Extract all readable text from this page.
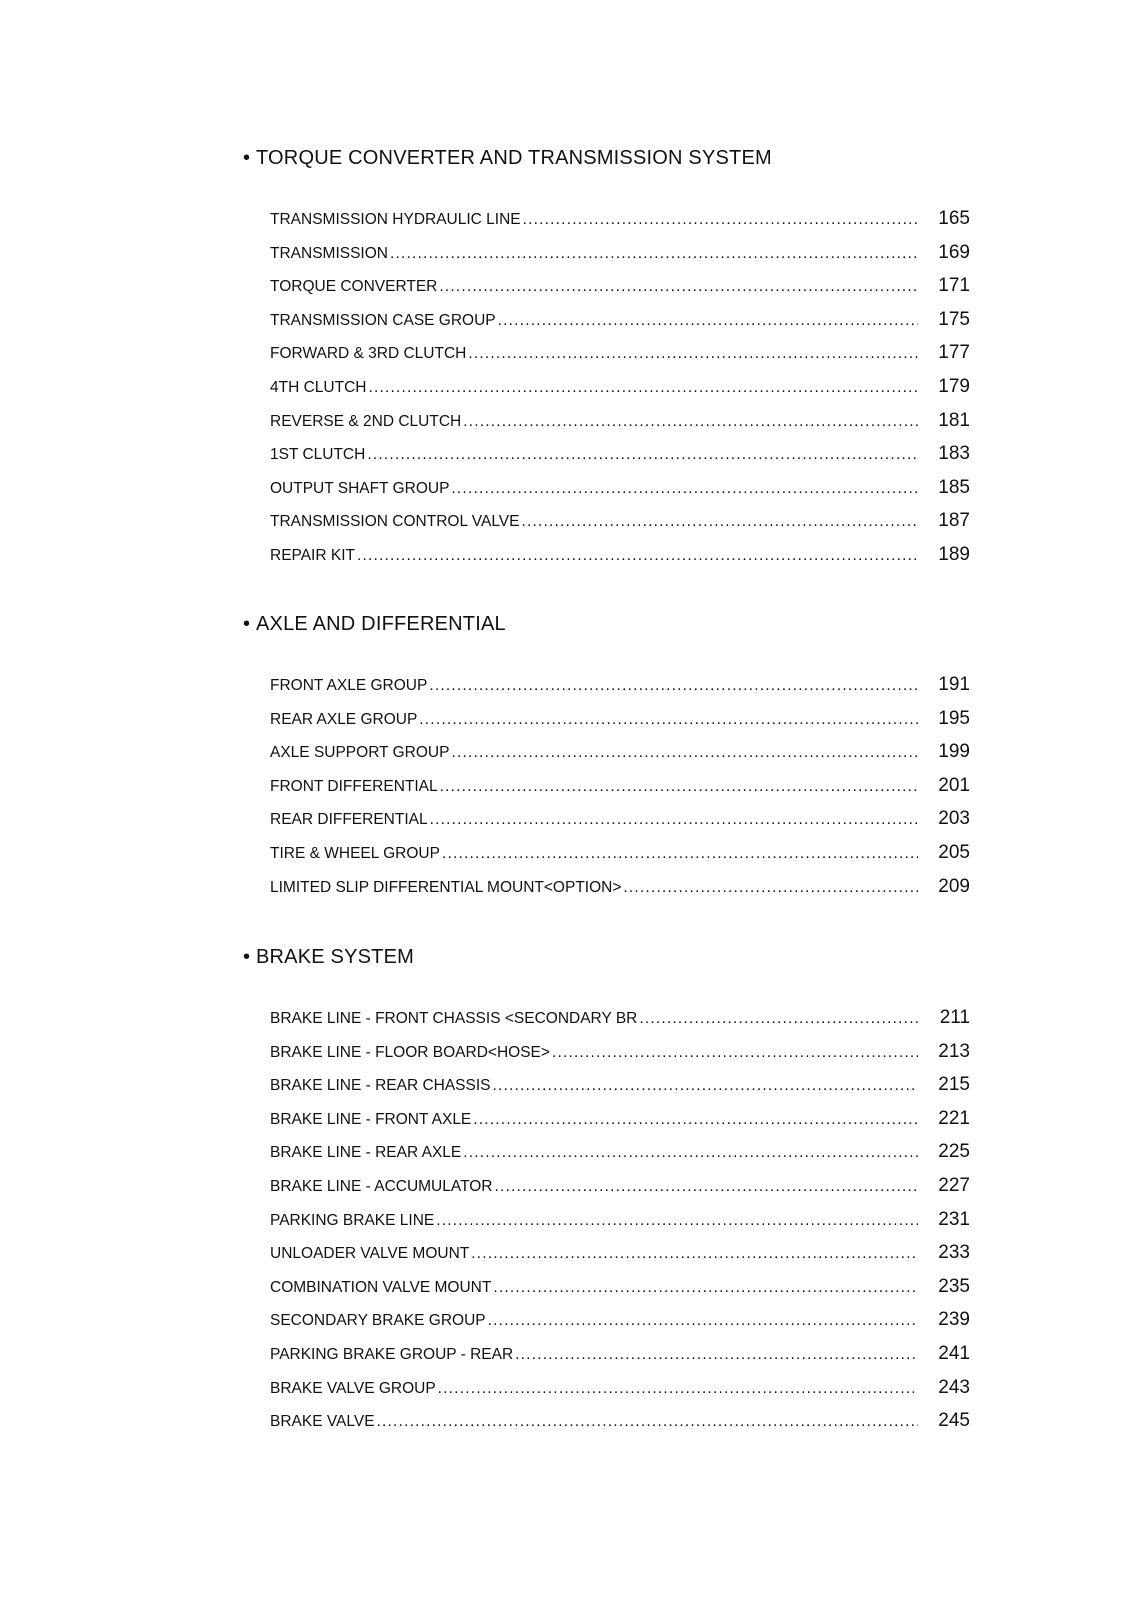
• TORQUE CONVERTER AND TRANSMISSION SYSTEM
TRANSMISSION HYDRAULIC LINE .....	165
TRANSMISSION .....	169
TORQUE CONVERTER .....	171
TRANSMISSION CASE GROUP .....	175
FORWARD & 3RD CLUTCH .....	177
4TH CLUTCH .....	179
REVERSE & 2ND CLUTCH .....	181
1ST CLUTCH .....	183
OUTPUT SHAFT GROUP .....	185
TRANSMISSION CONTROL VALVE .....	187
REPAIR KIT .....	189
• AXLE AND DIFFERENTIAL
FRONT AXLE GROUP .....	191
REAR AXLE GROUP .....	195
AXLE SUPPORT GROUP .....	199
FRONT DIFFERENTIAL .....	201
REAR DIFFERENTIAL .....	203
TIRE & WHEEL GROUP .....	205
LIMITED SLIP DIFFERENTIAL MOUNT<OPTION> .....	209
• BRAKE SYSTEM
BRAKE LINE - FRONT CHASSIS <SECONDARY BR .....	211
BRAKE LINE - FLOOR BOARD<HOSE> .....	213
BRAKE LINE - REAR CHASSIS .....	215
BRAKE LINE - FRONT AXLE .....	221
BRAKE LINE - REAR AXLE .....	225
BRAKE LINE - ACCUMULATOR .....	227
PARKING BRAKE LINE .....	231
UNLOADER VALVE MOUNT .....	233
COMBINATION VALVE MOUNT .....	235
SECONDARY BRAKE GROUP .....	239
PARKING BRAKE GROUP - REAR .....	241
BRAKE VALVE GROUP .....	243
BRAKE VALVE .....	245
